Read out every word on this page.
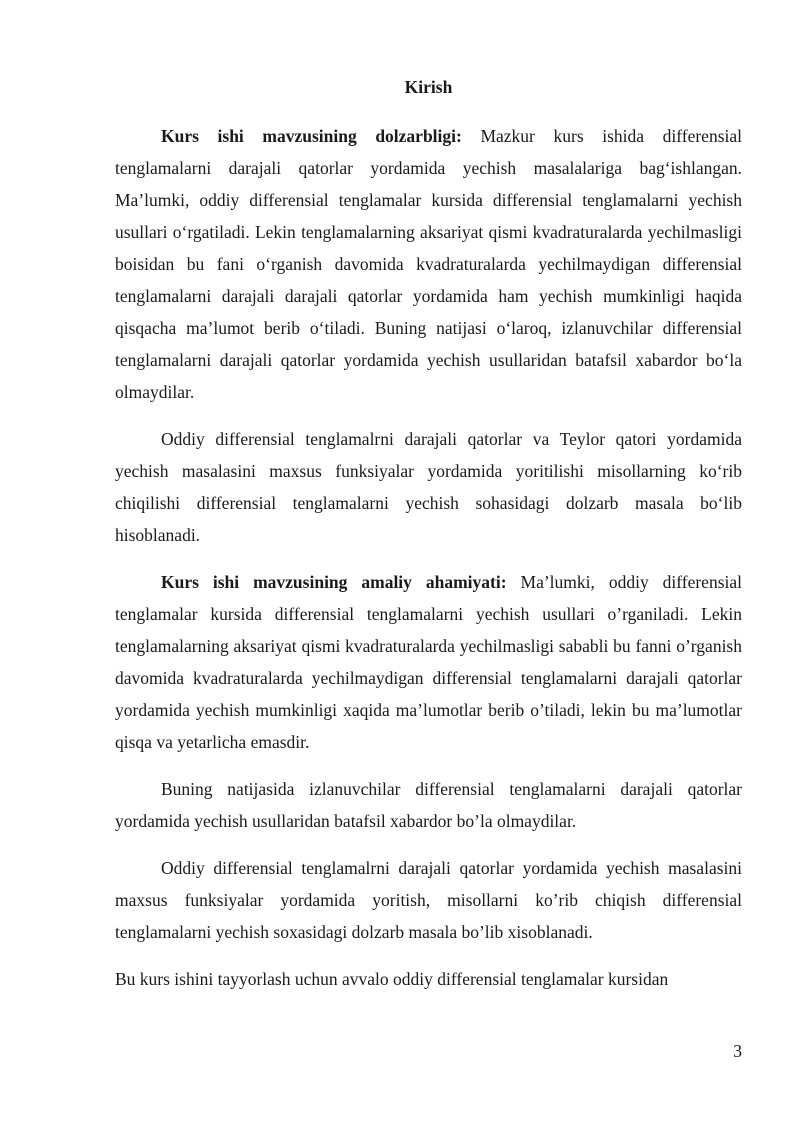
Kirish

Kurs ishi mavzusining dolzarbligi: Mazkur kurs ishida differensial tenglamalarni darajali qatorlar yordamida yechish masalalariga bag‘ishlangan. Ma’lumki, oddiy differensial tenglamalar kursida differensial tenglamalarni yechish usullari o‘rgatiladi. Lekin tenglamalarning aksariyat qismi kvadraturalarda yechilmasligi boisidan bu fani o‘rganish davomida kvadraturalarda yechilmaydigan differensial tenglamalarni darajali darajali qatorlar yordamida ham yechish mumkinligi haqida qisqacha ma’lumot berib o‘tiladi. Buning natijasi o‘laroq, izlanuvchilar differensial tenglamalarni darajali qatorlar yordamida yechish usullaridan batafsil xabardor bo‘la olmaydilar.

Oddiy differensial tenglamalrni darajali qatorlar va Teylor qatori yordamida yechish masalasini maxsus funksiyalar yordamida yoritilishi misollarning ko‘rib chiqilishi differensial tenglamalarni yechish sohasidagi dolzarb masala bo‘lib hisoblanadi.

Kurs ishi mavzusining amaliy ahamiyati: Ma’lumki, oddiy differensial tenglamalar kursida differensial tenglamalarni yechish usullari o’rganiladi. Lekin tenglamalarning aksariyat qismi kvadraturalarda yechilmasligi sababli bu fanni o’rganish davomida kvadraturalarda yechilmaydigan differensial tenglamalarni darajali qatorlar yordamida yechish mumkinligi xaqida ma’lumotlar berib o’tiladi, lekin bu ma’lumotlar qisqa va yetarlicha emasdir.

Buning natijasida izlanuvchilar differensial tenglamalarni darajali qatorlar yordamida yechish usullaridan batafsil xabardor bo’la olmaydilar.

Oddiy differensial tenglamalrni darajali qatorlar yordamida yechish masalasini maxsus funksiyalar yordamida yoritish, misollarni ko’rib chiqish differensial tenglamalarni yechish soxasidagi dolzarb masala bo’lib xisoblanadi.

Bu kurs ishini tayyorlash uchun avvalo oddiy differensial tenglamalar kursidan

3
